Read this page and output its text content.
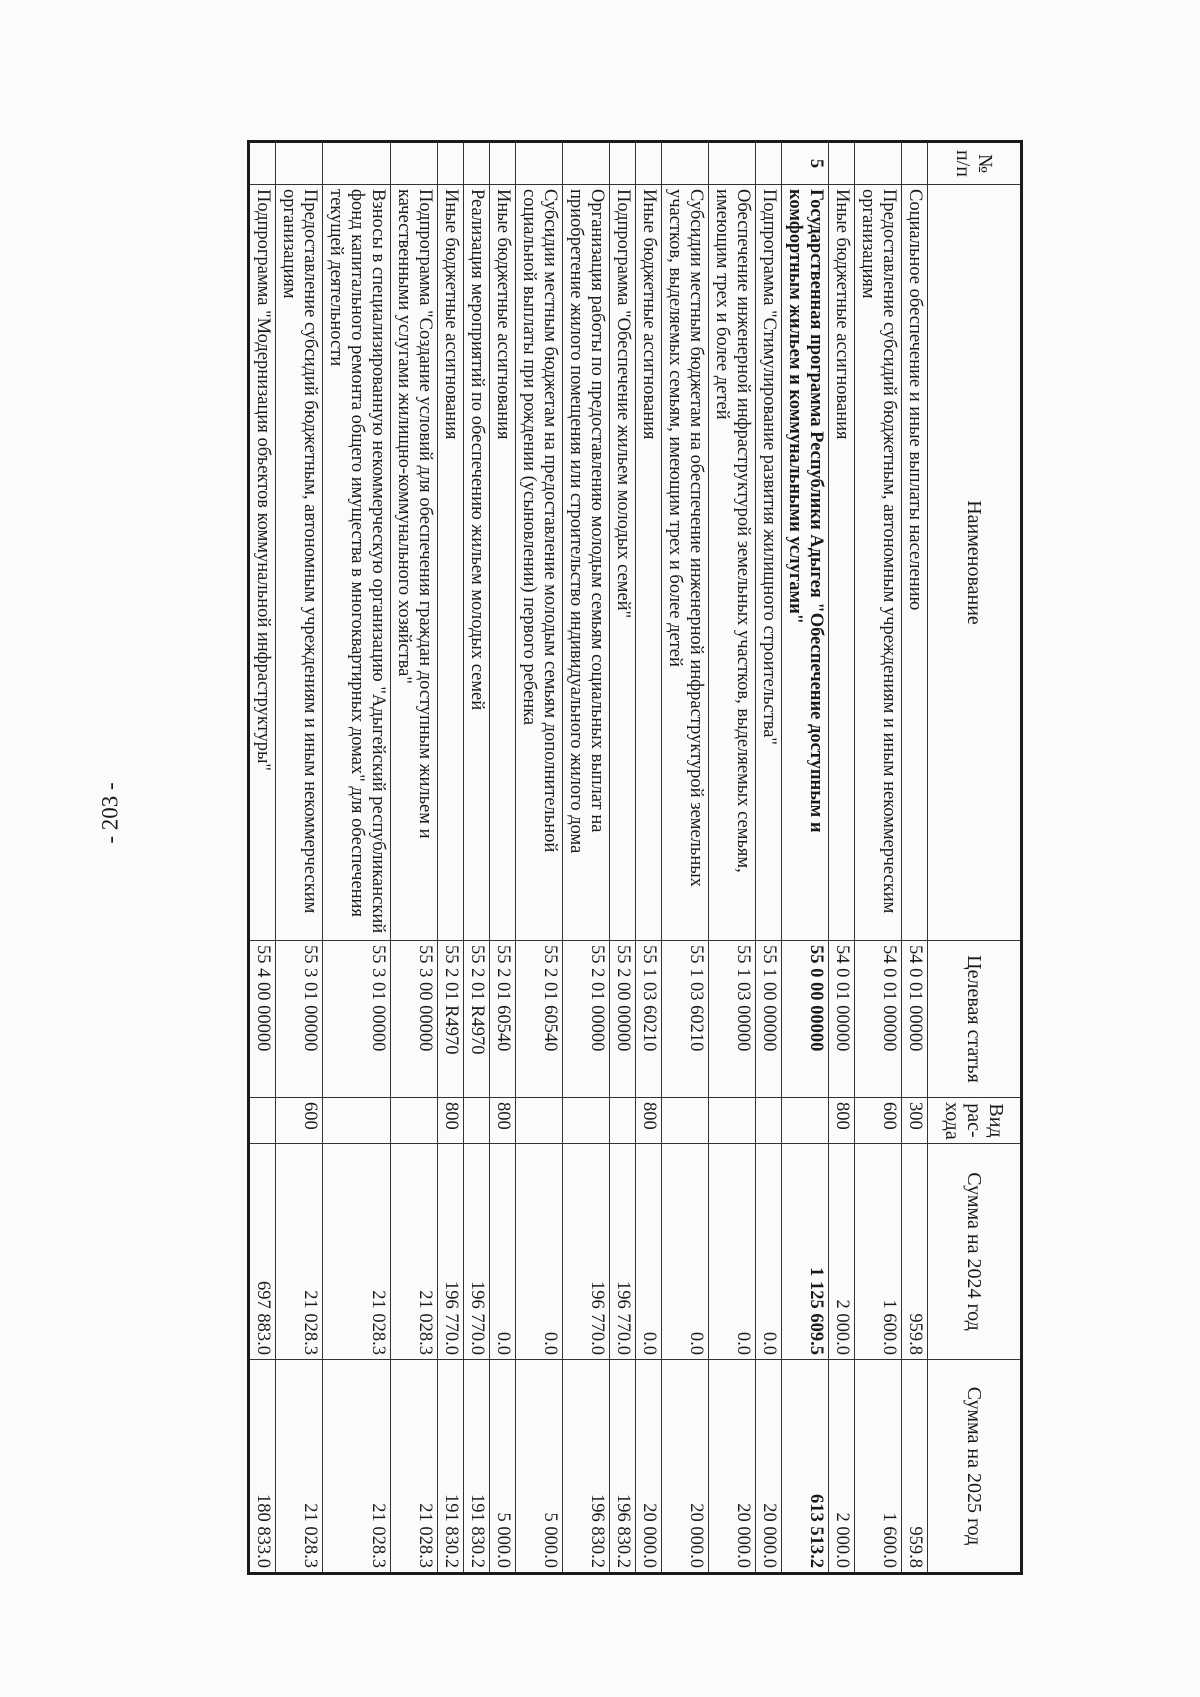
- 203 -
№ п/п	Наименование	Целевая статья	Вид рас-хода	Сумма на 2024 год	Сумма на 2025 год
	Социальное обеспечение и иные выплаты населению	54 0 01 00000	300	959.8	959.8
	Предоставление субсидий бюджетным, автономным учреждениям и иным некоммерческим организациям	54 0 01 00000	600	1 600.0	1 600.0
	Иные бюджетные ассигнования	54 0 01 00000	800	2 000.0	2 000.0
5	Государственная программа Республики Адыгея "Обеспечение доступным и комфортным жильем и коммунальными услугами"	55 0 00 00000		1 125 609.5	613 513.2
	Подпрограмма "Стимулирование развития жилищного строительства"	55 1 00 00000		0.0	20 000.0
	Обеспечение инженерной инфраструктурой земельных участков, выделяемых семьям, имеющим трех и более детей	55 1 03 00000		0.0	20 000.0
	Субсидии местным бюджетам на обеспечение инженерной инфраструктурой земельных участков, выделяемых семьям, имеющим трех и более детей	55 1 03 60210		0.0	20 000.0
	Иные бюджетные ассигнования	55 1 03 60210	800	0.0	20 000.0
	Подпрограмма "Обеспечение жильем молодых семей"	55 2 00 00000		196 770.0	196 830.2
	Организация работы по предоставлению молодым семьям социальных выплат на приобретение жилого помещения или строительство индивидуального жилого дома	55 2 01 00000		196 770.0	196 830.2
	Субсидии местным бюджетам на предоставление молодым семьям дополнительной социальной выплаты при рождении (усыновлении) первого ребенка	55 2 01 60540		0.0	5 000.0
	Иные бюджетные ассигнования	55 2 01 60540	800	0.0	5 000.0
	Реализация мероприятий по обеспечению жильем молодых семей	55 2 01 R4970		196 770.0	191 830.2
	Иные бюджетные ассигнования	55 2 01 R4970	800	196 770.0	191 830.2
	Подпрограмма "Создание условий для обеспечения граждан доступным жильем и качественными услугами жилищно-коммунального хозяйства"	55 3 00 00000		21 028.3	21 028.3
	Взносы в специализированную некоммерческую организацию "Адыгейский республиканский фонд капитального ремонта общего имущества в многоквартирных домах" для обеспечения текущей деятельности	55 3 01 00000		21 028.3	21 028.3
	Предоставление субсидий бюджетным, автономным учреждениям и иным некоммерческим организациям	55 3 01 00000	600	21 028.3	21 028.3
	Подпрограмма "Модернизация объектов коммунальной инфраструктуры"	55 4 00 00000		697 883.0	180 833.0
